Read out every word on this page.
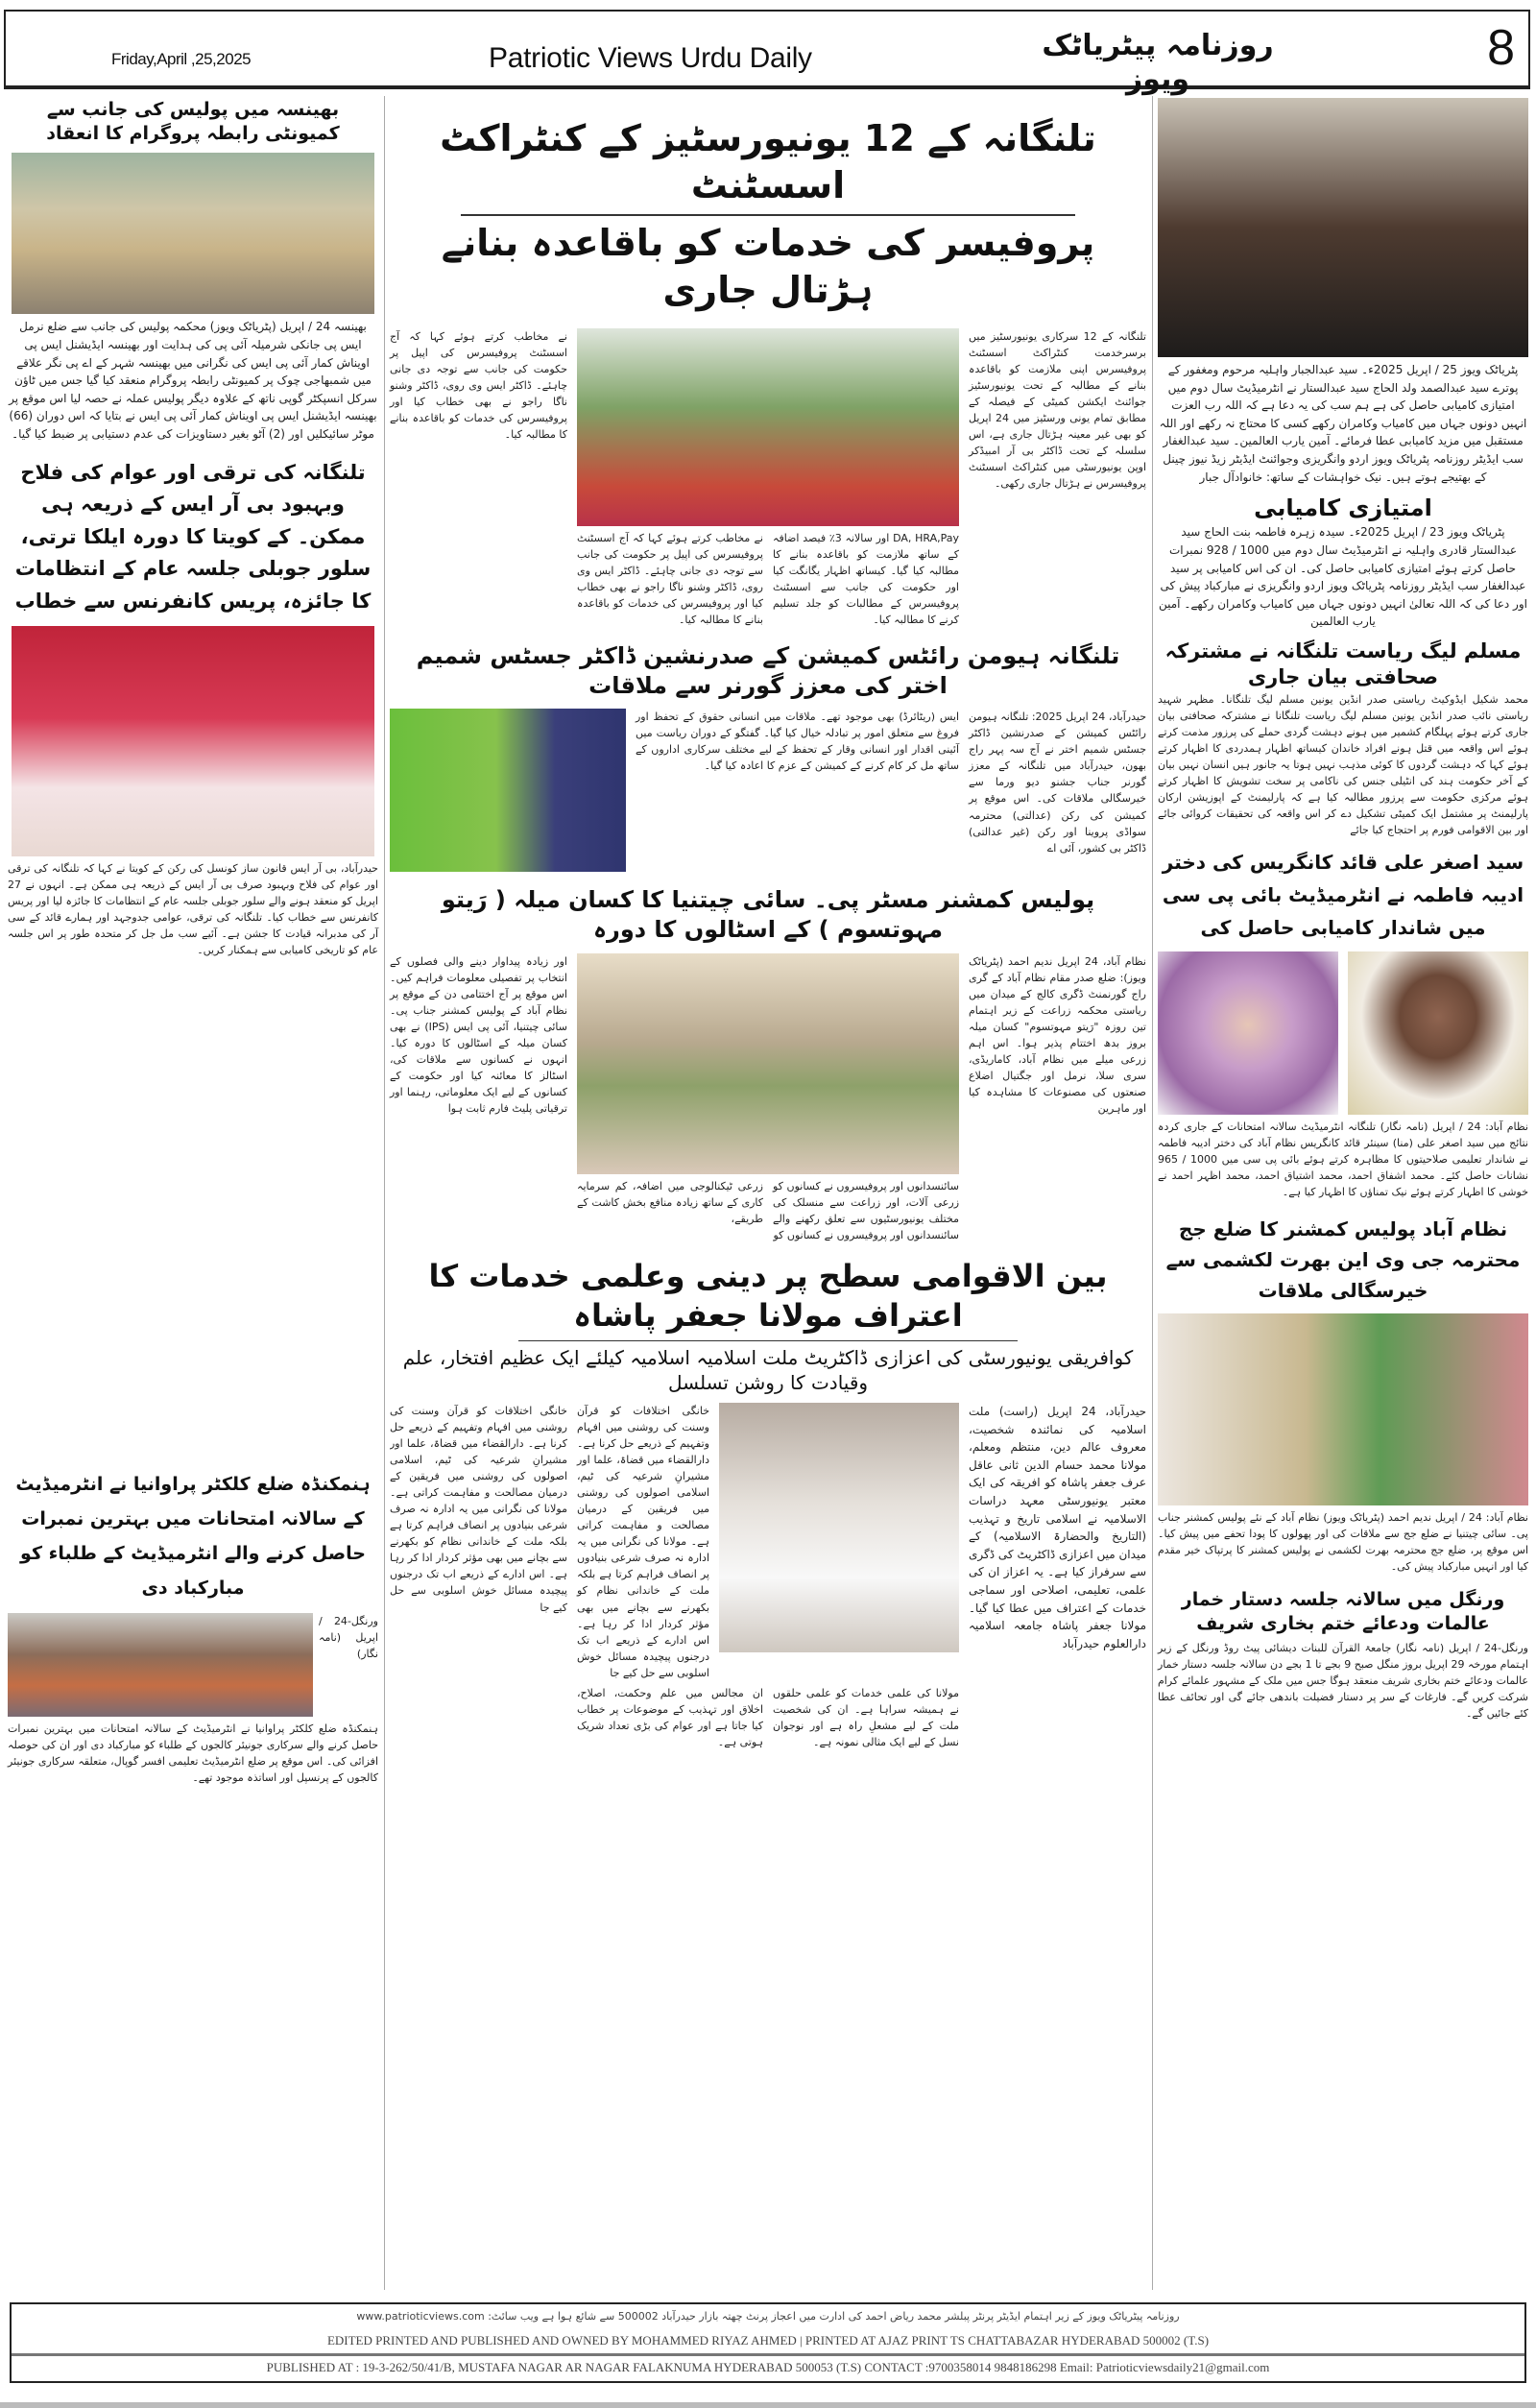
Friday,April ,25,2025	Patriotic Views Urdu Daily	روزنامہ پیٹریاٹک ویوز
8
بھینسہ میں پولیس کی جانب سے کمیونٹی رابطہ پروگرام کا انعقاد
بھینسہ 24 / اپریل (پٹریاٹک ویوز) محکمہ پولیس کی جانب سے ضلع نرمل ایس پی جانکی شرمیلہ آئی پی کی ہدایت اور بھینسہ ایڈیشنل ایس پی اویناش کمار آئی پی ایس کی نگرانی میں بھینسہ شہر کے اے پی نگر علاقے میں شمبھاجی چوک پر کمیونٹی رابطہ پروگرام منعقد کیا گیا جس میں ٹاؤن سرکل انسپکٹر گوپی ناتھ کے علاوہ دیگر پولیس عملہ نے حصہ لیا اس موقع پر بھینسہ ایڈیشنل ایس پی اویناش کمار آئی پی ایس نے بتایا کہ اس دوران (66) موٹر سائیکلیں اور (2) آٹو بغیر دستاویزات کی عدم دستیابی پر ضبط کیا گیا۔
تلنگانہ کی ترقی اور عوام کی فلاح وبہبود بی آر ایس کے ذریعہ ہی ممکن۔ کے کویتا کا دورہ ایلکا ترتی، سلور جوبلی جلسہ عام کے انتظامات کا جائزہ، پریس کانفرنس سے خطاب
حیدرآباد، بی آر ایس قانون ساز کونسل کی رکن کے کویتا نے کہا کہ تلنگانہ کی ترقی اور عوام کی فلاح وبہبود صرف بی آر ایس کے ذریعہ ہی ممکن ہے۔ انہوں نے 27 اپریل کو منعقد ہونے والے سلور جوبلی جلسہ عام کے انتظامات کا جائزہ لیا اور پریس کانفرنس سے خطاب کیا۔ تلنگانہ کی ترقی، عوامی جدوجہد اور ہمارے قائد کے سی آر کی مدبرانہ قیادت کا جشن ہے۔ آئیے سب مل جل کر متحدہ طور پر اس جلسہ عام کو تاریخی کامیابی سے ہمکنار کریں۔
ہنمکنڈہ ضلع کلکٹر پراوانیا نے انٹرمیڈیٹ کے سالانہ امتحانات میں بہترین نمبرات حاصل کرنے والے انٹرمیڈیٹ کے طلباء کو مبارکباد دی
ورنگل-24 / اپریل (نامہ نگار)
ہنمکنڈہ ضلع کلکٹر پراوانیا نے انٹرمیڈیٹ کے سالانہ امتحانات میں بہترین نمبرات حاصل کرنے والے سرکاری جونیئر کالجوں کے طلباء کو مبارکباد دی اور ان کی حوصلہ افزائی کی۔ اس موقع پر ضلع انٹرمیڈیٹ تعلیمی افسر گوپال، متعلقہ سرکاری جونیئر کالجوں کے پرنسپل اور اساتذہ موجود تھے۔
تلنگانہ کے 12 یونیورسٹیز کے کنٹراکٹ اسسٹنٹ
پروفیسر کی خدمات کو باقاعدہ بنانے ہڑتال جاری
تلنگانہ کے 12 سرکاری یونیورسٹیز میں برسرخدمت کنٹراکٹ اسسٹنٹ پروفیسرس اپنی ملازمت کو باقاعدہ بنانے کے مطالبہ کے تحت یونیورسٹیز جوائنٹ ایکشن کمیٹی کے فیصلہ کے مطابق تمام یونی ورسٹیز میں 24 اپریل کو بھی غیر معینہ ہڑتال جاری ہے، اس سلسلہ کے تحت ڈاکٹر بی آر امبیڈکر اوپن یونیورسٹی میں کنٹراکٹ اسسٹنٹ پروفیسرس نے ہڑتال جاری رکھی۔
DA, HRA,Pay اور سالانہ 3٪ فیصد اضافہ کے ساتھ ملازمت کو باقاعدہ بنانے کا مطالبہ کیا گیا۔ کیساتھ اظہار یگانگت کیا اور حکومت کی جانب سے اسسٹنٹ پروفیسرس کے مطالبات کو جلد تسلیم کرنے کا مطالبہ کیا۔
نے مخاطب کرتے ہوئے کہا کہ آج اسسٹنٹ پروفیسرس کی اپیل پر حکومت کی جانب سے توجہ دی جانی چاہئے۔ ڈاکٹر ایس وی روی، ڈاکٹر وشنو ناگا راجو نے بھی خطاب کیا اور پروفیسرس کی خدمات کو باقاعدہ بنانے کا مطالبہ کیا۔
نے مخاطب کرتے ہوئے کہا کہ آج اسسٹنٹ پروفیسرس کی اپیل پر حکومت کی جانب سے توجہ دی جانی چاہئے۔ ڈاکٹر ایس وی روی، ڈاکٹر وشنو ناگا راجو نے بھی خطاب کیا اور پروفیسرس کی خدمات کو باقاعدہ بنانے کا مطالبہ کیا۔
تلنگانہ ہیومن رائٹس کمیشن کے صدرنشین ڈاکٹر جسٹس شمیم اختر کی معزز گورنر سے ملاقات
حیدرآباد، 24 اپریل 2025: تلنگانہ ہیومن رائٹس کمیشن کے صدرنشین ڈاکٹر جسٹس شمیم اختر نے آج سہ پہر راج بھون، حیدرآباد میں تلنگانہ کے معزز گورنر جناب جشنو دیو ورما سے خیرسگالی ملاقات کی۔ اس موقع پر کمیشن کی رکن (عدالتی) محترمہ سواڈی پروینا اور رکن (غیر عدالتی) ڈاکٹر بی کشور، آئی اے
ایس (ریٹائرڈ) بھی موجود تھے۔ ملاقات میں انسانی حقوق کے تحفظ اور فروغ سے متعلق امور پر تبادلہ خیال کیا گیا۔ گفتگو کے دوران ریاست میں آئینی اقدار اور انسانی وقار کے تحفظ کے لیے مختلف سرکاری اداروں کے ساتھ مل کر کام کرنے کے کمیشن کے عزم کا اعادہ کیا گیا۔
پولیس کمشنر مسٹر پی۔ سائی چیتنیا کا کسان میلہ ( رَیتو مہوتسوم ) کے اسٹالوں کا دورہ
نظام آباد، 24 اپریل ندیم احمد (پٹریاٹک ویوز): ضلع صدر مقام نظام آباد کے گری راج گورنمنٹ ڈگری کالج کے میدان میں ریاستی محکمہ زراعت کے زیر اہتمام تین روزہ "رَیتو مہوتسوم" کسان میلہ بروز بدھ اختتام پذیر ہوا۔ اس اہم زرعی میلے میں نظام آباد، کاماریڈی، سری سلا، نرمل اور جگتیال اضلاع صنعتوں کی مصنوعات کا مشاہدہ کیا اور ماہرین
سائنسدانوں اور پروفیسروں نے کسانوں کو زرعی آلات، اور زراعت سے منسلک کی مختلف یونیورسٹیوں سے تعلق رکھنے والے سائنسدانوں اور پروفیسروں نے کسانوں کو
زرعی ٹیکنالوجی میں اضافہ، کم سرمایہ کاری کے ساتھ زیادہ منافع بخش کاشت کے طریقے،
اور زیادہ پیداوار دینے والی فصلوں کے انتخاب پر تفصیلی معلومات فراہم کیں۔ اس موقع پر آج اختتامی دن کے موقع پر نظام آباد کے پولیس کمشنر جناب پی۔ سائی چیتنیا، آئی پی ایس (IPS) نے بھی کسان میلہ کے اسٹالوں کا دورہ کیا۔ انہوں نے کسانوں سے ملاقات کی، اسٹالز کا معائنہ کیا اور حکومت کے کسانوں کے لیے ایک معلوماتی، رہنما اور ترقیاتی پلیٹ فارم ثابت ہوا
بین الاقوامی سطح پر دینی وعلمی خدمات کا اعتراف مولانا جعفر پاشاہ
کوافریقی یونیورسٹی کی اعزازی ڈاکٹریٹ ملت اسلامیہ اسلامیہ کیلئے ایک عظیم افتخار، علم وقیادت کا روشن تسلسل
حیدرآباد، 24 اپریل (راست) ملت اسلامیہ کی نمائندہ شخصیت، معروف عالم دین، منتظم ومعلم، مولانا محمد حسام الدین ثانی عاقل عرف جعفر پاشاہ کو افریقہ کی ایک معتبر یونیورسٹی معہد دراسات الاسلامیہ نے اسلامی تاریخ و تہذیب (التاریخ والحضارۃ الاسلامیہ) کے میدان میں اعزازی ڈاکٹریٹ کی ڈگری سے سرفراز کیا ہے۔ یہ اعزاز ان کی علمی، تعلیمی، اصلاحی اور سماجی خدمات کے اعتراف میں عطا کیا گیا۔ مولانا جعفر پاشاہ جامعہ اسلامیہ دارالعلوم حیدرآباد
خانگی اختلافات کو قرآن وسنت کی روشنی میں افہام وتفہیم کے ذریعے حل کرنا ہے۔ دارالقضاء میں قضاۃ، علما اور مشیرانِ شرعیہ کی ٹیم، اسلامی اصولوں کی روشنی میں فریقین کے درمیان مصالحت و مفاہمت کراتی ہے۔ مولانا کی نگرانی میں یہ ادارہ نہ صرف شرعی بنیادوں پر انصاف فراہم کرتا ہے بلکہ ملت کے خاندانی نظام کو بکھرنے سے بچانے میں بھی مؤثر کردار ادا کر رہا ہے۔ اس ادارے کے ذریعے اب تک درجنوں پیچیدہ مسائل خوش اسلوبی سے حل کیے جا
مولانا کی علمی خدمات کو علمی حلقوں نے ہمیشہ سراہا ہے۔ ان کی شخصیت ملت کے لیے مشعلِ راہ ہے اور نوجوان نسل کے لیے ایک مثالی نمونہ ہے۔
ان مجالس میں علم وحکمت، اصلاح، اخلاق اور تہذیب کے موضوعات پر خطاب کیا جاتا ہے اور عوام کی بڑی تعداد شریک ہوتی ہے۔
خانگی اختلافات کو قرآن وسنت کی روشنی میں افہام وتفہیم کے ذریعے حل کرنا ہے۔ دارالقضاء میں قضاۃ، علما اور مشیرانِ شرعیہ کی ٹیم، اسلامی اصولوں کی روشنی میں فریقین کے درمیان مصالحت و مفاہمت کراتی ہے۔ مولانا کی نگرانی میں یہ ادارہ نہ صرف شرعی بنیادوں پر انصاف فراہم کرتا ہے بلکہ ملت کے خاندانی نظام کو بکھرنے سے بچانے میں بھی مؤثر کردار ادا کر رہا ہے۔ اس ادارے کے ذریعے اب تک درجنوں پیچیدہ مسائل خوش اسلوبی سے حل کیے جا
پٹریاٹک ویوز 25 / اپریل 2025ء۔ سید عبدالجبار واہلیہ مرحوم ومغفور کے پوترے سید عبدالصمد ولد الحاج سید عبدالستار نے انٹرمیڈیٹ سال دوم میں امتیازی کامیابی حاصل کی ہے ہم سب کی یہ دعا ہے کہ اللہ رب العزت انہیں دونوں جہاں میں کامیاب وکامران رکھے کسی کا محتاج نہ رکھے اور اللہ مستقبل میں مزید کامیابی عطا فرمائے۔ آمین یارب العالمین۔ سید عبدالغفار سب ایڈیٹر روزنامہ پٹریاٹک ویوز اردو وانگریزی وجوائنٹ ایڈیٹر زیڈ نیوز چینل کے بھتیجے ہوتے ہیں۔ نیک خواہشات کے ساتھ: خانوادآل جبار
امتیازی کامیابی
پٹریاٹک ویوز 23 / اپریل 2025ء۔ سیدہ زہرہ فاطمہ بنت الحاج سید عبدالستار قادری واہلیہ نے انٹرمیڈیٹ سال دوم میں 1000 / 928 نمبرات حاصل کرتے ہوئے امتیازی کامیابی حاصل کی۔ ان کی اس کامیابی پر سید عبدالغفار سب ایڈیٹر روزنامہ پٹریاٹک ویوز اردو وانگریزی نے مبارکباد پیش کی اور دعا کی کہ اللہ تعالیٰ انہیں دونوں جہاں میں کامیاب وکامران رکھے۔ آمین یارب العالمین
مسلم لیگ ریاست تلنگانہ نے مشترکہ صحافتی بیان جاری
محمد شکیل ایڈوکیٹ ریاستی صدر انڈین یونین مسلم لیگ تلنگانا۔ مظہر شہید ریاستی نائب صدر انڈین یونین مسلم لیگ ریاست تلنگانا نے مشترکہ صحافتی بیان جاری کرتے ہوئے پہلگام کشمیر میں ہونے دہشت گردی حملے کی پرزور مذمت کرتے ہوئے اس واقعہ میں قتل ہونے افراد خاندان کیساتھ اظہار ہمدردی کا اظہار کرتے ہوئے کہا کہ دہشت گردوں کا کوئی مذہب نہیں ہوتا یہ جانور ہیں انسان نہیں بیان کے آخر حکومت ہند کی انٹیلی جنس کی ناکامی پر سخت تشویش کا اظہار کرتے ہوئے مرکزی حکومت سے پرزور مطالبہ کیا ہے کہ پارلیمنٹ کے اپوزیشن ارکان پارلیمنٹ پر مشتمل ایک کمیٹی تشکیل دے کر اس واقعہ کی تحقیقات کروائی جائے اور بین الاقوامی فورم پر احتجاج کیا جائے
سید اصغر علی قائد کانگریس کی دختر ادیبہ فاطمہ نے انٹرمیڈیٹ بائی پی سی میں شاندار کامیابی حاصل کی
نظام آباد: 24 / اپریل (نامہ نگار) تلنگانہ انٹرمیڈیٹ سالانہ امتحانات کے جاری کردہ نتائج میں سید اصغر علی (منا) سینئر قائد کانگریس نظام آباد کی دختر ادیبہ فاطمہ نے شاندار تعلیمی صلاحیتوں کا مظاہرہ کرتے ہوئے بائی پی سی میں 1000 / 965 نشانات حاصل کئے۔ محمد اشفاق احمد، محمد اشتیاق احمد، محمد اظہر احمد نے خوشی کا اظہار کرتے ہوئے نیک تمناؤں کا اظہار کیا ہے۔
نظام آباد پولیس کمشنر کا ضلع جج محترمہ جی وی این بھرت لکشمی سے خیرسگالی ملاقات
نظام آباد: 24 / اپریل ندیم احمد (پٹریاٹک ویوز) نظام آباد کے نئے پولیس کمشنر جناب پی۔ سائی چیتنیا نے ضلع جج سے ملاقات کی اور پھولوں کا پودا تحفے میں پیش کیا۔ اس موقع پر، ضلع جج محترمہ بھرت لکشمی نے پولیس کمشنر کا پرتپاک خیر مقدم کیا اور انہیں مبارکباد پیش کی۔
ورنگل میں سالانہ جلسہ دستار خمار عالمات ودعائے ختم بخاری شریف
ورنگل-24 / اپریل (نامہ نگار) جامعۃ القرآن للبنات دیشائی پیٹ روڈ ورنگل کے زیر اہتمام مورخہ 29 اپریل بروز منگل صبح 9 بجے تا 1 بجے دن سالانہ جلسہ دستار خمار عالمات ودعائے ختم بخاری شریف منعقد ہوگا جس میں ملک کے مشہور علمائے کرام شرکت کریں گے۔ فارغات کے سر پر دستار فضیلت باندھی جائے گی اور تحائف عطا کئے جائیں گے۔
روزنامہ پیٹریاٹک ویوز کے زیر اہتمام ایڈیٹر پرنٹر پبلشر محمد ریاض احمد کی ادارت میں اعجاز پرنٹ چھتہ بازار حیدرآباد 500002 سے شائع ہوا ہے ویب سائٹ: www.patrioticviews.com
EDITED PRINTED AND PUBLISHED AND OWNED BY MOHAMMED RIYAZ AHMED | PRINTED AT AJAZ PRINT TS CHATTABAZAR HYDERABAD 500002 (T.S)
PUBLISHED AT : 19-3-262/50/41/B, MUSTAFA NAGAR AR NAGAR FALAKNUMA HYDERABAD 500053 (T.S) CONTACT :9700358014 9848186298 Email: Patrioticviewsdaily21@gmail.com
